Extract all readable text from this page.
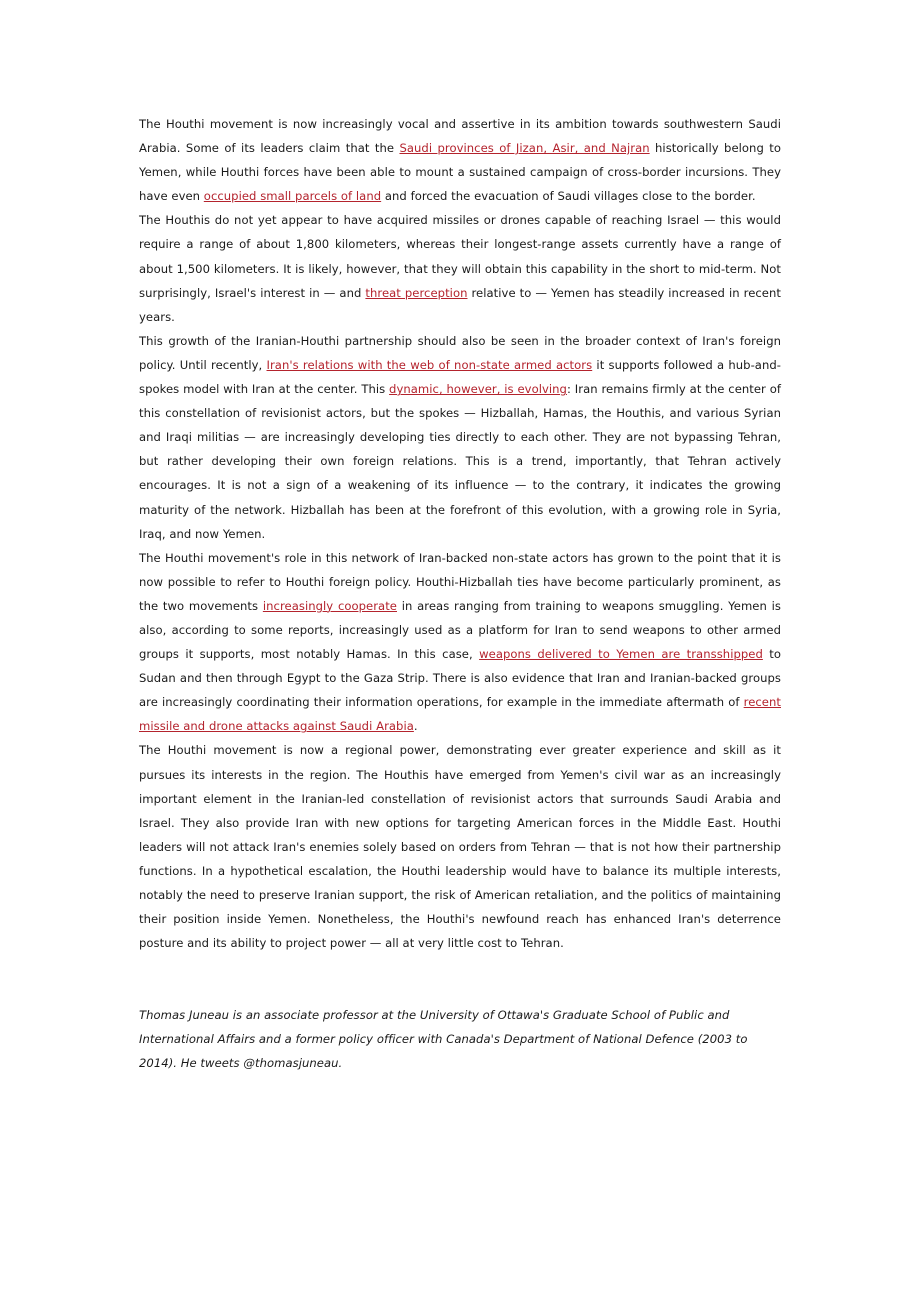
The Houthi movement is now increasingly vocal and assertive in its ambition towards southwestern Saudi Arabia. Some of its leaders claim that the Saudi provinces of Jizan, Asir, and Najran historically belong to Yemen, while Houthi forces have been able to mount a sustained campaign of cross-border incursions. They have even occupied small parcels of land and forced the evacuation of Saudi villages close to the border.

The Houthis do not yet appear to have acquired missiles or drones capable of reaching Israel — this would require a range of about 1,800 kilometers, whereas their longest-range assets currently have a range of about 1,500 kilometers. It is likely, however, that they will obtain this capability in the short to mid-term. Not surprisingly, Israel's interest in — and threat perception relative to — Yemen has steadily increased in recent years.

This growth of the Iranian-Houthi partnership should also be seen in the broader context of Iran's foreign policy. Until recently, Iran's relations with the web of non-state armed actors it supports followed a hub-and-spokes model with Iran at the center. This dynamic, however, is evolving: Iran remains firmly at the center of this constellation of revisionist actors, but the spokes — Hizballah, Hamas, the Houthis, and various Syrian and Iraqi militias — are increasingly developing ties directly to each other. They are not bypassing Tehran, but rather developing their own foreign relations. This is a trend, importantly, that Tehran actively encourages. It is not a sign of a weakening of its influence — to the contrary, it indicates the growing maturity of the network. Hizballah has been at the forefront of this evolution, with a growing role in Syria, Iraq, and now Yemen.

The Houthi movement's role in this network of Iran-backed non-state actors has grown to the point that it is now possible to refer to Houthi foreign policy. Houthi-Hizballah ties have become particularly prominent, as the two movements increasingly cooperate in areas ranging from training to weapons smuggling. Yemen is also, according to some reports, increasingly used as a platform for Iran to send weapons to other armed groups it supports, most notably Hamas. In this case, weapons delivered to Yemen are transshipped to Sudan and then through Egypt to the Gaza Strip. There is also evidence that Iran and Iranian-backed groups are increasingly coordinating their information operations, for example in the immediate aftermath of recent missile and drone attacks against Saudi Arabia.

The Houthi movement is now a regional power, demonstrating ever greater experience and skill as it pursues its interests in the region. The Houthis have emerged from Yemen's civil war as an increasingly important element in the Iranian-led constellation of revisionist actors that surrounds Saudi Arabia and Israel. They also provide Iran with new options for targeting American forces in the Middle East. Houthi leaders will not attack Iran's enemies solely based on orders from Tehran — that is not how their partnership functions. In a hypothetical escalation, the Houthi leadership would have to balance its multiple interests, notably the need to preserve Iranian support, the risk of American retaliation, and the politics of maintaining their position inside Yemen. Nonetheless, the Houthi's newfound reach has enhanced Iran's deterrence posture and its ability to project power — all at very little cost to Tehran.

Thomas Juneau is an associate professor at the University of Ottawa's Graduate School of Public and International Affairs and a former policy officer with Canada's Department of National Defence (2003 to 2014). He tweets @thomasjuneau.
